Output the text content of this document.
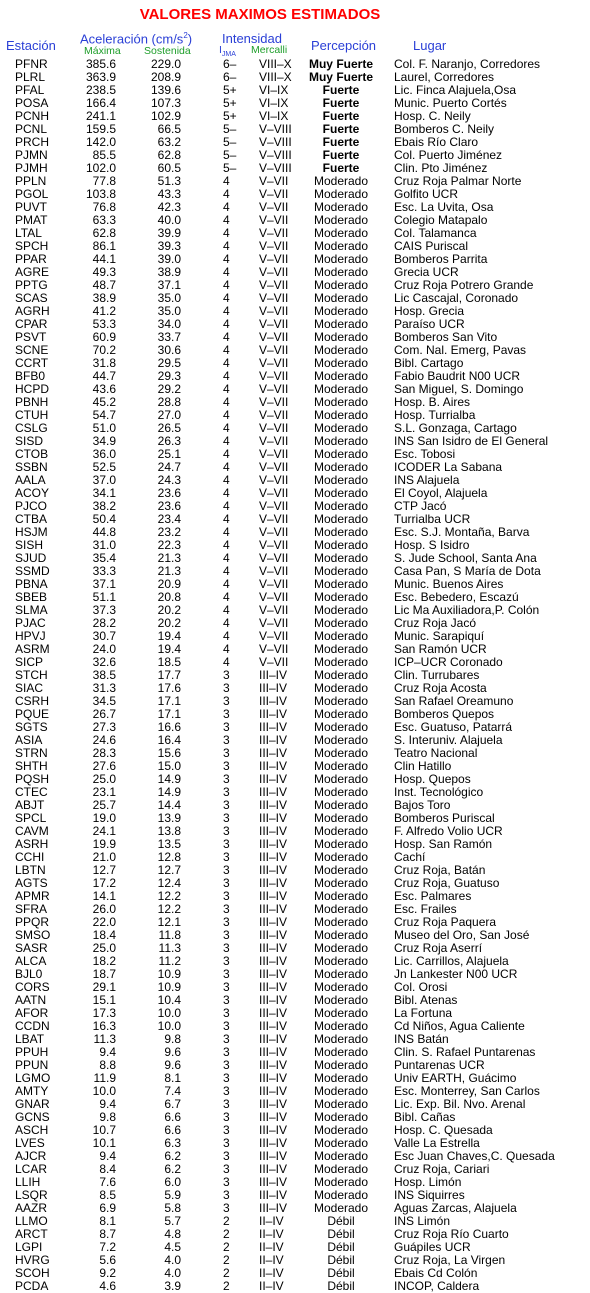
VALORES MAXIMOS ESTIMADOS
Estación Aceleración $(cm/s^2)$
Máxima Sostenida
Intensidad
$I_{JMA}$ Mercalli Percepción	Lugar
PFNR	385.6	229.0	6– VIII–X	Muy Fuerte	Col. F. Naranjo, Corredores
PLRL	363.9	208.9	6– VIII–X	Muy Fuerte	Laurel, Corredores
PFAL	238.5	139.6	5+ VI–IX	Fuerte	Lic. Finca Alajuela,Osa
POSA	166.4	107.3	5+ VI–IX	Fuerte	Munic. Puerto Cortés
PCNH	241.1	102.9	5+ VI–IX	Fuerte	Hosp. C. Neily
PCNL	159.5	66.5	5– V–VIII	Fuerte	Bomberos C. Neily
PRCH	142.0	63.2	5– V–VIII	Fuerte	Ebais Río Claro
PJMN	85.5	62.8	5– V–VIII	Fuerte	Col. Puerto Jiménez
PJMH	102.0	60.5	5– V–VIII	Fuerte	Clin. Pto Jiménez
PPLN	77.8	51.3	4 V–VII	Moderado	Cruz Roja Palmar Norte
PGOL	103.8	43.3	4 V–VII	Moderado	Golfito UCR
PUVT	76.8	42.3	4 V–VII	Moderado	Esc. La Uvita, Osa
PMAT	63.3	40.0	4 V–VII	Moderado	Colegio Matapalo
LTAL	62.8	39.9	4 V–VII	Moderado	Col. Talamanca
SPCH	86.1	39.3	4 V–VII	Moderado	CAIS Puriscal
PPAR	44.1	39.0	4 V–VII	Moderado	Bomberos Parrita
AGRE	49.3	38.9	4 V–VII	Moderado	Grecia UCR
PPTG	48.7	37.1	4 V–VII	Moderado	Cruz Roja Potrero Grande
SCAS	38.9	35.0	4 V–VII	Moderado	Lic Cascajal, Coronado
AGRH	41.2	35.0	4 V–VII	Moderado	Hosp. Grecia
CPAR	53.3	34.0	4 V–VII	Moderado	Paraíso UCR
PSVT	60.9	33.7	4 V–VII	Moderado	Bomberos San Vito
SCNE	70.2	30.6	4 V–VII	Moderado	Com. Nal. Emerg, Pavas
CCRT	31.8	29.5	4 V–VII	Moderado	Bibl. Cartago
BFB0	44.7	29.3	4 V–VII	Moderado	Fabio Baudrit N00 UCR
HCPD	43.6	29.2	4 V–VII	Moderado	San Miguel, S. Domingo
PBNH	45.2	28.8	4 V–VII	Moderado	Hosp. B. Aires
CTUH	54.7	27.0	4 V–VII	Moderado	Hosp. Turrialba
CSLG	51.0	26.5	4 V–VII	Moderado	S.L. Gonzaga, Cartago
SISD	34.9	26.3	4 V–VII	Moderado	INS San Isidro de El General
CTOB	36.0	25.1	4 V–VII	Moderado	Esc. Tobosi
SSBN	52.5	24.7	4 V–VII	Moderado	ICODER La Sabana
AALA	37.0	24.3	4 V–VII	Moderado	INS Alajuela
ACOY	34.1	23.6	4 V–VII	Moderado	El Coyol, Alajuela
PJCO	38.2	23.6	4 V–VII	Moderado	CTP Jacó
CTBA	50.4	23.4	4 V–VII	Moderado	Turrialba UCR
HSJM	44.8	23.2	4 V–VII	Moderado	Esc. S.J. Montaña, Barva
SISH	31.0	22.3	4 V–VII	Moderado	Hosp. S Isidro
SJUD	35.4	21.3	4 V–VII	Moderado	S. Jude School, Santa Ana
SSMD	33.3	21.3	4 V–VII	Moderado	Casa Pan, S María de Dota
PBNA	37.1	20.9	4 V–VII	Moderado	Munic. Buenos Aires
SBEB	51.1	20.8	4 V–VII	Moderado	Esc. Bebedero, Escazú
SLMA	37.3	20.2	4 V–VII	Moderado	Lic Ma Auxiliadora,P. Colón
PJAC	28.2	20.2	4 V–VII	Moderado	Cruz Roja Jacó
HPVJ	30.7	19.4	4 V–VII	Moderado	Munic. Sarapiquí
ASRM	24.0	19.4	4 V–VII	Moderado	San Ramón UCR
SICP	32.6	18.5	4 V–VII	Moderado	ICP–UCR Coronado
STCH	38.5	17.7	3 III–IV	Moderado	Clin. Turrubares
SIAC	31.3	17.6	3 III–IV	Moderado	Cruz Roja Acosta
CSRH	34.5	17.1	3 III–IV	Moderado	San Rafael Oreamuno
PQUE	26.7	17.1	3 III–IV	Moderado	Bomberos Quepos
SGTS	27.3	16.6	3 III–IV	Moderado	Esc. Guatuso, Patarrá
ASIA	24.6	16.4	3 III–IV	Moderado	S. Interuniv. Alajuela
STRN	28.3	15.6	3 III–IV	Moderado	Teatro Nacional
SHTH	27.6	15.0	3 III–IV	Moderado	Clin Hatillo
PQSH	25.0	14.9	3 III–IV	Moderado	Hosp. Quepos
CTEC	23.1	14.9	3 III–IV	Moderado	Inst. Tecnológico
ABJT	25.7	14.4	3 III–IV	Moderado	Bajos Toro
SPCL	19.0	13.9	3 III–IV	Moderado	Bomberos Puriscal
CAVM	24.1	13.8	3 III–IV	Moderado	F. Alfredo Volio UCR
ASRH	19.9	13.5	3 III–IV	Moderado	Hosp. San Ramón
CCHI	21.0	12.8	3 III–IV	Moderado	Cachí
LBTN	12.7	12.7	3 III–IV	Moderado	Cruz Roja, Batán
AGTS	17.2	12.4	3 III–IV	Moderado	Cruz Roja, Guatuso
APMR	14.1	12.2	3 III–IV	Moderado	Esc. Palmares
SFRA	26.0	12.2	3 III–IV	Moderado	Esc. Frailes
PPQR	22.0	12.1	3 III–IV	Moderado	Cruz Roja Paquera
SMSO	18.4	11.8	3 III–IV	Moderado	Museo del Oro, San José
SASR	25.0	11.3	3 III–IV	Moderado	Cruz Roja Aserrí
ALCA	18.2	11.2	3 III–IV	Moderado	Lic. Carrillos, Alajuela
BJL0	18.7	10.9	3 III–IV	Moderado	Jn Lankester N00 UCR
CORS	29.1	10.9	3 III–IV	Moderado	Col. Orosi
AATN	15.1	10.4	3 III–IV	Moderado	Bibl. Atenas
AFOR	17.3	10.0	3 III–IV	Moderado	La Fortuna
CCDN	16.3	10.0	3 III–IV	Moderado	Cd Niños, Agua Caliente
LBAT	11.3	9.8	3 III–IV	Moderado	INS Batán
PPUH	9.4	9.6	3 III–IV	Moderado	Clin. S. Rafael Puntarenas
PPUN	8.8	9.6	3 III–IV	Moderado	Puntarenas UCR
LGMO	11.9	8.1	3 III–IV	Moderado	Univ EARTH, Guácimo
AMTY	10.0	7.4	3 III–IV	Moderado	Esc. Monterrey, San Carlos
GNAR	9.4	6.7	3 III–IV	Moderado	Lic. Exp. Bil. Nvo. Arenal
GCNS	9.8	6.6	3 III–IV	Moderado	Bibl. Cañas
ASCH	10.7	6.6	3 III–IV	Moderado	Hosp. C. Quesada
LVES	10.1	6.3	3 III–IV	Moderado	Valle La Estrella
AJCR	9.4	6.2	3 III–IV	Moderado	Esc Juan Chaves,C. Quesada
LCAR	8.4	6.2	3 III–IV	Moderado	Cruz Roja, Cariari
LLIH	7.6	6.0	3 III–IV	Moderado	Hosp. Limón
LSQR	8.5	5.9	3 III–IV	Moderado	INS Siquirres
AAZR	6.9	5.8	3 III–IV	Moderado	Aguas Zarcas, Alajuela
LLMO	8.1	5.7	2 II–IV	Débil	INS Limón
ARCT	8.7	4.8	2 II–IV	Débil	Cruz Roja Río Cuarto
LGPI	7.2	4.5	2 II–IV	Débil	Guápiles UCR
HVRG	5.6	4.0	2 II–IV	Débil	Cruz Roja, La Virgen
SCOH	9.2	4.0	2 II–IV	Débil	Ebais Cd Colón
PCDA	4.6	3.9	2 II–IV	Débil	INCOP, Caldera
